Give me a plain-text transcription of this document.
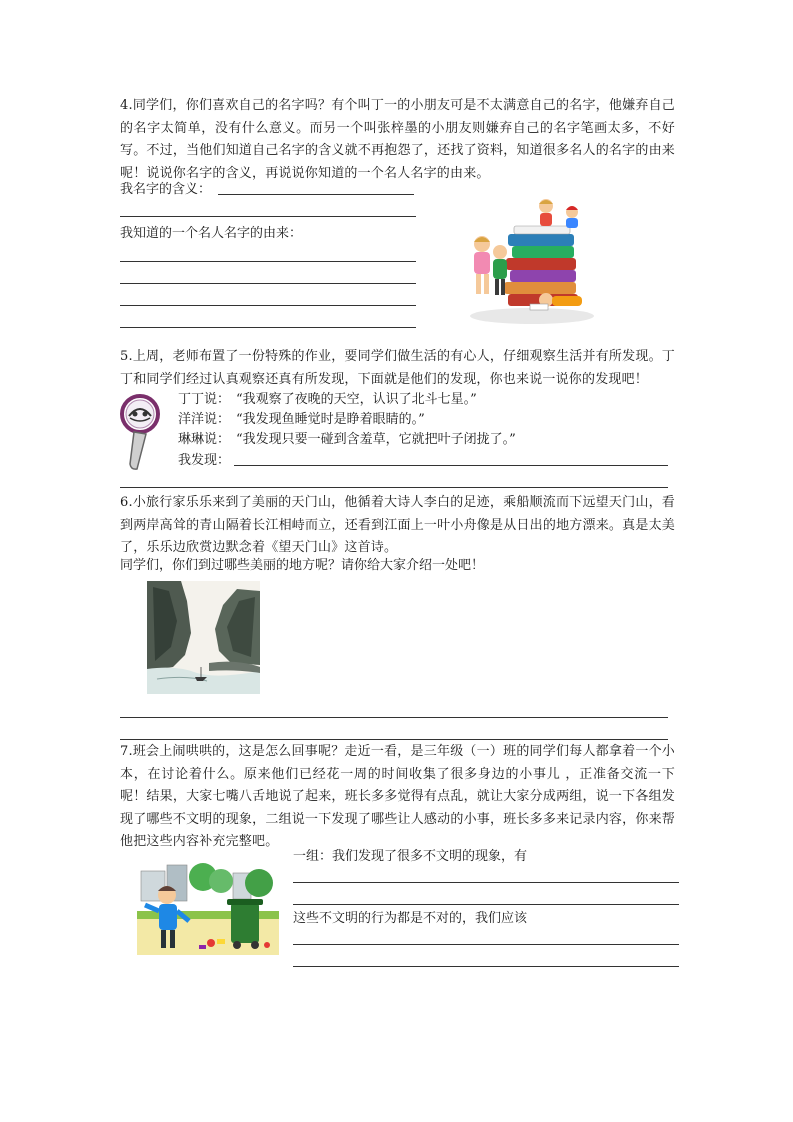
4.同学们，你们喜欢自己的名字吗？有个叫丁一的小朋友可是不太满意自己的名字，他嫌弃自己的名字太简单，没有什么意义。而另一个叫张梓墨的小朋友则嫌弃自己的名字笔画太多，不好写。不过，当他们知道自己名字的含义就不再抱怨了，还找了资料，知道很多名人的名字的由来呢！说说你名字的含义，再说说你知道的一个名人名字的由来。
我名字的含义：
我知道的一个名人名字的由来：
5.上周，老师布置了一份特殊的作业，要同学们做生活的有心人，仔细观察生活并有所发现。丁丁和同学们经过认真观察还真有所发现，下面就是他们的发现，你也来说一说你的发现吧！
丁丁说： “我观察了夜晚的天空，认识了北斗七星。”
洋洋说： “我发现鱼睡觉时是睁着眼睛的。”
琳琳说： “我发现只要一碰到含羞草，它就把叶子闭拢了。”
我发现：
6.小旅行家乐乐来到了美丽的天门山，他循着大诗人李白的足迹，乘船顺流而下远望天门山，看到两岸高耸的青山隔着长江相峙而立，还看到江面上一叶小舟像是从日出的地方漂来。真是太美了，乐乐边欣赏边默念着《望天门山》这首诗。
同学们，你们到过哪些美丽的地方呢？请你给大家介绍一处吧！
7.班会上闹哄哄的，这是怎么回事呢？走近一看，是三年级（一）班的同学们每人都拿着一个小本，在讨论着什么。原来他们已经花一周的时间收集了很多身边的小事儿 ，正准备交流一下呢！结果，大家七嘴八舌地说了起来，班长多多觉得有点乱，就让大家分成两组，说一下各组发现了哪些不文明的现象，二组说一下发现了哪些让人感动的小事，班长多多来记录内容，你来帮他把这些内容补充完整吧。
一组：我们发现了很多不文明的现象，有
这些不文明的行为都是不对的，我们应该
